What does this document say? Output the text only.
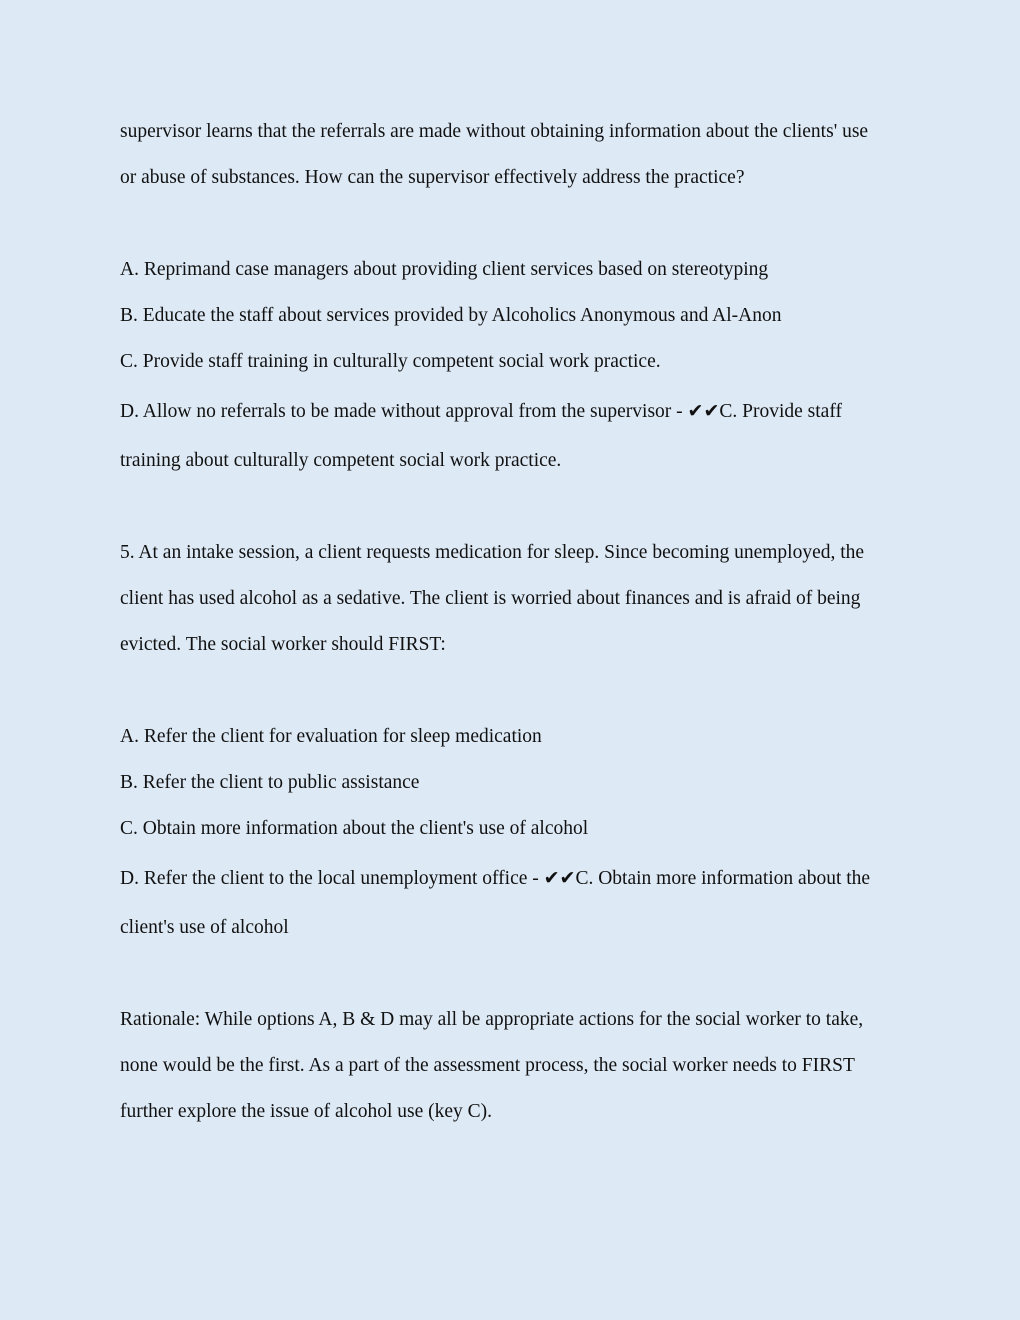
supervisor learns that the referrals are made without obtaining information about the clients' use
or abuse of substances. How can the supervisor effectively address the practice?
A. Reprimand case managers about providing client services based on stereotyping
B. Educate the staff about services provided by Alcoholics Anonymous and Al-Anon
C. Provide staff training in culturally competent social work practice.
D. Allow no referrals to be made without approval from the supervisor - ✔✔C. Provide staff
training about culturally competent social work practice.
5. At an intake session, a client requests medication for sleep. Since becoming unemployed, the
client has used alcohol as a sedative. The client is worried about finances and is afraid of being
evicted. The social worker should FIRST:
A. Refer the client for evaluation for sleep medication
B. Refer the client to public assistance
C. Obtain more information about the client's use of alcohol
D. Refer the client to the local unemployment office - ✔✔C. Obtain more information about the
client's use of alcohol
Rationale: While options A, B & D may all be appropriate actions for the social worker to take,
none would be the first. As a part of the assessment process, the social worker needs to FIRST
further explore the issue of alcohol use (key C).
